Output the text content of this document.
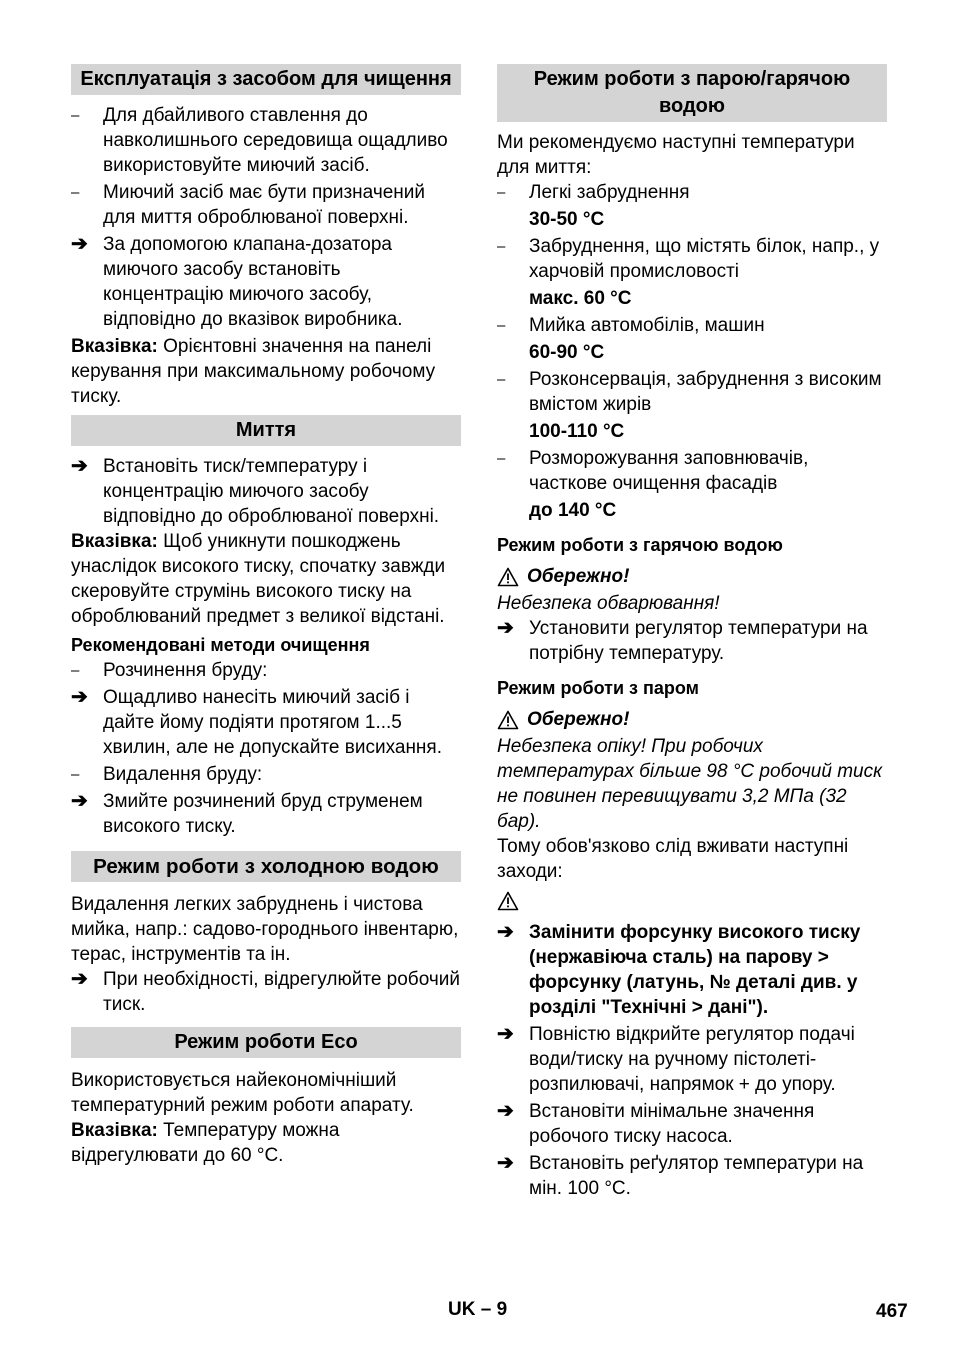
Експлуатація з засобом для чищення
–	Для дбайливого ставлення до навколишнього середовища ощадливо використовуйте миючий засіб.
–	Миючий засіб має бути призначений для миття оброблюваної поверхні.
➔ За допомогою клапана-дозатора миючого засобу встановіть концентрацію миючого засобу, відповідно до вказівок виробника.

Вказівка: Орієнтовні значення на панелі керування при максимальному робочому тиску.

Миття
➔ Встановіть тиск/температуру і концентрацію миючого засобу відповідно до оброблюваної поверхні.

Вказівка: Щоб уникнути пошкоджень унаслідок високого тиску, спочатку завжди скеровуйте струмінь високого тиску на оброблюваний предмет з великої відстані.

Рекомендовані методи очищення

–	Розчинення бруду:
➔ Ощадливо нанесіть миючий засіб і дайте йому подіяти протягом 1...5 хвилин, але не допускайте висихання.
–	Видалення бруду:
➔ Змийте розчинений бруд струменем високого тиску.
Режим роботи з холодною водою

Видалення легких забруднень і чистова мийка, напр.: садово-городнього інвентарю, терас, інструментів та ін.

➔ При необхідності, відрегулюйте робочий тиск.
Режим роботи Eco

Використовується найекономічніший температурний режим роботи апарату.

Вказівка: Температуру можна відрегулювати до 60 °C.

Режим роботи з парою/гарячою водою

Ми рекомендуємо наступні температури для миття:

–	Легкі забруднення

30-50 °C

–	Забруднення, що містять білок, напр., у харчовій промисловості

макс. 60 °C

–	Мийка автомобілів, машин

60-90 °C

–	Розконсервація, забруднення з високим вмістом жирів

100-110 °C

–	Розморожування заповнювачів, часткове очищення фасадів

до 140 °C

Режим роботи з гарячою водою

Обережно!

Небезпека обварювання!

➔ Установити регулятор температури на потрібну температуру.

Режим роботи з паром

Обережно!

Небезпека опіку! При робочих температурах більше 98 °C робочий тиск не повинен перевищувати 3,2 МПа (32 бар).

Тому обов'язково слід вживати наступні заходи:

➔ Замінити форсунку високого тиску (нержавіюча сталь) на парову > форсунку (латунь, № деталі див. у розділі "Технічні > дані").
➔ Повністю відкрийте регулятор подачі води/тиску на ручному пістолеті-розпилювачі, напрямок + до упору.
➔ Встановіти мінімальне значення робочого тиску насоса.
➔ Встановіть реґулятор температури на мін. 100 °C.
UK – 9	467
